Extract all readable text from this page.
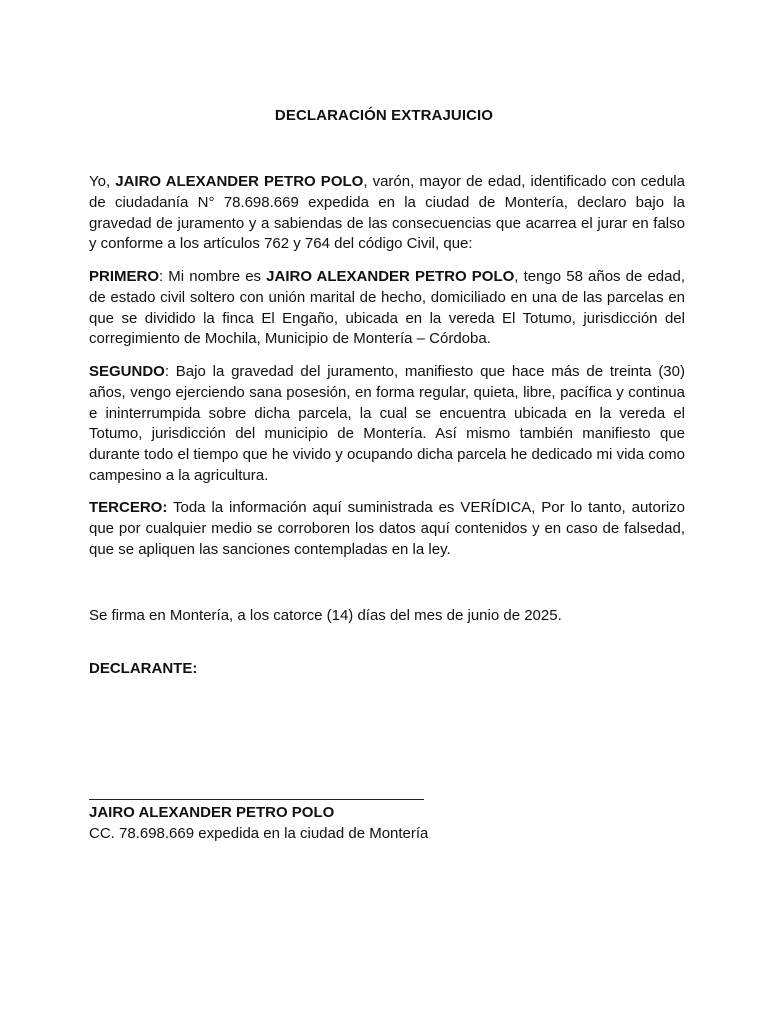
DECLARACIÓN EXTRAJUICIO

Yo, JAIRO ALEXANDER PETRO POLO, varón, mayor de edad, identificado con cedula de ciudadanía N° 78.698.669 expedida en la ciudad de Montería, declaro bajo la gravedad de juramento y a sabiendas de las consecuencias que acarrea el jurar en falso y conforme a los artículos 762 y 764 del código Civil, que:

PRIMERO: Mi nombre es JAIRO ALEXANDER PETRO POLO, tengo 58 años de edad, de estado civil soltero con unión marital de hecho, domiciliado en una de las parcelas en que se dividido la finca El Engaño, ubicada en la vereda El Totumo, jurisdicción del corregimiento de Mochila, Municipio de Montería – Córdoba.

SEGUNDO: Bajo la gravedad del juramento, manifiesto que hace más de treinta (30) años, vengo ejerciendo sana posesión, en forma regular, quieta, libre, pacífica y continua e ininterrumpida sobre dicha parcela, la cual se encuentra ubicada en la vereda el Totumo, jurisdicción del municipio de Montería. Así mismo también manifiesto que durante todo el tiempo que he vivido y ocupando dicha parcela he dedicado mi vida como campesino a la agricultura.

TERCERO: Toda la información aquí suministrada es VERÍDICA, Por lo tanto, autorizo que por cualquier medio se corroboren los datos aquí contenidos y en caso de falsedad, que se apliquen las sanciones contempladas en la ley.

Se firma en Montería, a los catorce (14) días del mes de junio de 2025.
DECLARANTE:
JAIRO ALEXANDER PETRO POLO
CC. 78.698.669 expedida en la ciudad de Montería
